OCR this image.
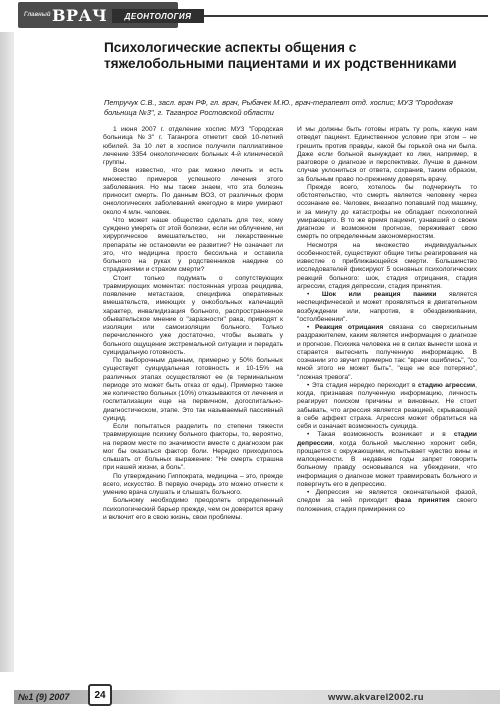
Главный ВРАЧ	ДЕОНТОЛОГИЯ
Психологические аспекты общения с тяжелобольными пациентами и их родственниками
Петручук С.В., засл. врач РФ, гл. врач, Рыбачек М.Ю., врач-терапевт отд. хоспис; МУЗ "Городская больница №3", г. Таганрог Ростовской области

1 июня 2007 г. отделение хоспис МУЗ "Городская больница №3" г. Таганрога отметит свой 10-летний юбилей. За 10 лет в хосписе получили паллиативное лечение 3354 онкологических больных 4-й клинической группы.

Всем известно, что рак можно лечить и есть множество примеров успешного лечения этого заболевания. Но мы также знаем, что эта болезнь приносит смерть. По данным ВОЗ, от различных форм онкологических заболеваний ежегодно в мире умирают около 4 млн. человек.

Что может наше общество сделать для тех, кому суждено умереть от этой болезни, если ни облучение, ни хирургическое вмешательство, ни лекарственные препараты не остановили ее развитие? Не означает ли это, что медицина просто бессильна и оставила больного на руках у родственников наедине со страданиями и страхом смерти?

Стоит только подумать о сопутствующих травмирующих моментах: постоянная угроза рецидива, появление метастазов, специфика оперативных вмешательств, имеющих у онкобольных калечащий характер, инвалидизация больного, распространенное обывательское мнение о "заразности" рака, приводят к изоляции или самоизоляции больного. Только перечисленного уже достаточно, чтобы вызвать у больного ощущение экстремальной ситуации и передать суицидальную готовность.

По выборочным данным, примерно у 50% больных существует суицидальная готовность и 10-15% на различных этапах осуществляют ее (в терминальном периоде это может быть отказ от еды). Примерно также же количество больных (10%) отказываются от лечения и госпитализации еще на первичном, догоспитально-диагностическом, этапе. Это так называемый пассивный суицид.

Если попытаться разделить по степени тяжести травмирующие психику больного факторы, то, вероятно, на первом месте по значимости вместе с диагнозом рак мог бы оказаться фактор боли. Нередко приходилось слышать от больных выражение: "Не смерть страшна при нашей жизни, а боль".

По утверждению Гиппократа, медицина – это, прежде всего, искусство. В первую очередь это можно отнести к умению врача слушать и слышать больного.

Больному необходимо преодолеть определенный психологический барьер прежде, чем он доверится врачу и включит его в свою жизнь, свои проблемы.

И мы должны быть готовы играть ту роль, какую нам отведет пациент. Единственное условие при этом – не грешить против правды, какой бы горькой она ни была. Даже если больной вынуждает ко лжи, например, в разговоре о диагнозе и перспективах. Лучше в данном случае уклониться от ответа, сохранив, таким образом, за больным право по-прежнему доверять врачу.

Прежде всего, хотелось бы подчеркнуть то обстоятельство, что смерть является человеку через осознание ее. Человек, внезапно попавший под машину, и за минуту до катастрофы не обладает психологией умирающего. В то же время пациент, узнавший о своем диагнозе и возможном прогнозе, переживает свою смерть по определенным закономерностям.

Несмотря на множество индивидуальных особенностей, существуют общие типы реагирования на известие о приближающейся смерти. Большинство исследователей фиксируют 5 основных психологических реакций больного: шок, стадия отрицания, стадия агрессии, стадия депрессии, стадия принятия.

• Шок или реакция паники является неспецифической и может проявляться в двигательном возбуждении или, напротив, в обездвиживании, "остолбенении".

• Реакция отрицания связана со сверхсильным раздражителем, каким является информация о диагнозе и прогнозе. Психика человека не в силах вынести шока и старается вытеснить полученную информацию. В сознании это звучит примерно так: "врачи ошиблись", "со мной этого не может быть", "еще не все потеряно", "ложная тревога".

• Эта стадия нередко переходит в стадию агрессии, когда, признавая полученную информацию, личность реагирует поиском причины и виновных. Не стоит забывать, что агрессия является реакцией, скрывающей в себе аффект страха. Агрессия может обратиться на себя и означает возможность суицида.

• Такая возможность возникает и в стадии депрессии, когда больной мысленно хоронит себя, прощается с окружающими, испытывает чувство вины и малоценности. В недавние годы запрет говорить больному правду основывался на убеждении, что информация о диагнозе может травмировать больного и повергнуть его в депрессию.

• Депрессия не является окончательной фазой, следом за ней приходит фаза принятия своего положения, стадия примирения со

№1 (9) 2007	24	www.akvarel2002.ru
